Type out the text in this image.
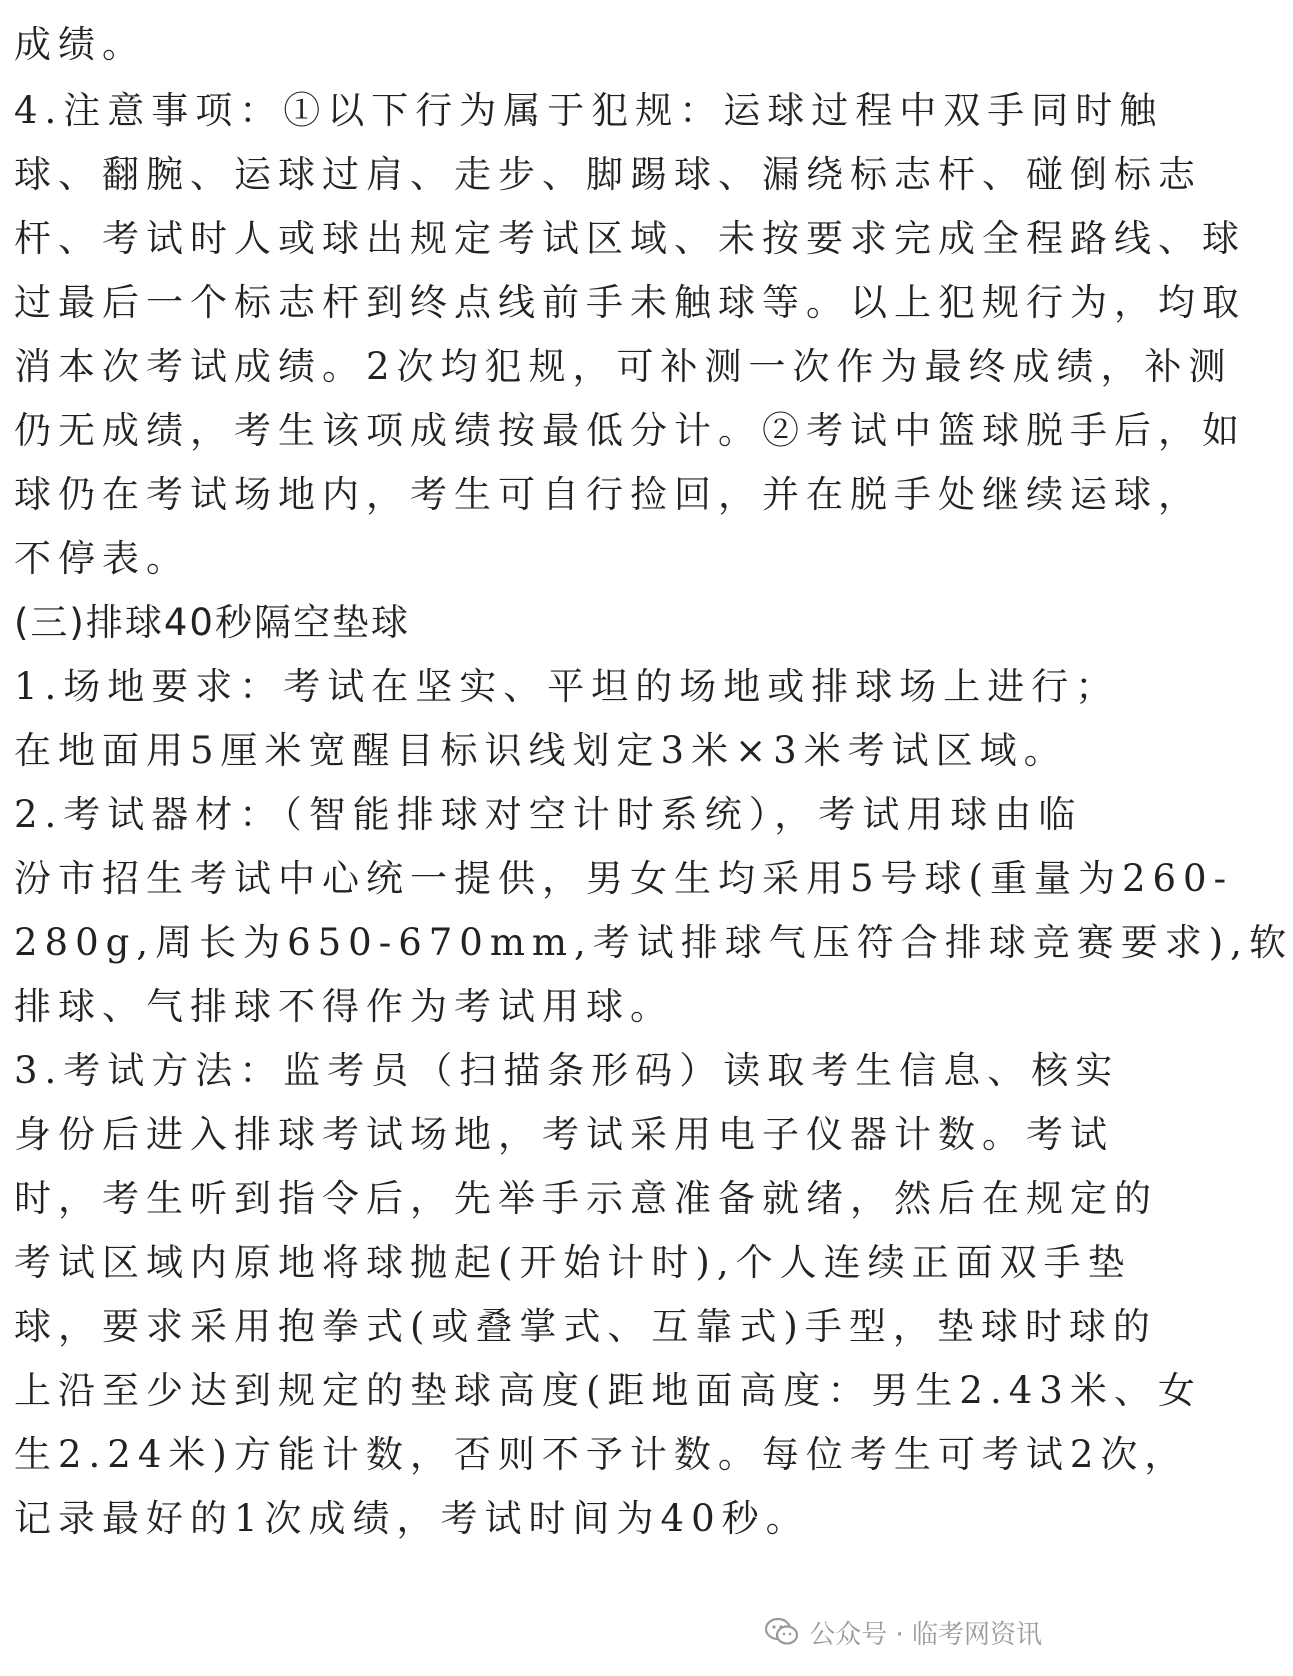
成绩。
4.注意事项：①以下行为属于犯规：运球过程中双手同时触
球、翻腕、运球过肩、走步、脚踢球、漏绕标志杆、碰倒标志
杆、考试时人或球出规定考试区域、未按要求完成全程路线、球
过最后一个标志杆到终点线前手未触球等。以上犯规行为，均取
消本次考试成绩。2次均犯规，可补测一次作为最终成绩，补测
仍无成绩，考生该项成绩按最低分计。②考试中篮球脱手后，如
球仍在考试场地内，考生可自行捡回，并在脱手处继续运球，
不停表。
(三)排球40秒隔空垫球
1.场地要求：考试在坚实、平坦的场地或排球场上进行；
在地面用5厘米宽醒目标识线划定3米×3米考试区域。
2.考试器材：（智能排球对空计时系统），考试用球由临
汾市招生考试中心统一提供，男女生均采用5号球(重量为260-
280g,周长为650-670mm,考试排球气压符合排球竞赛要求),软
排球、气排球不得作为考试用球。
3.考试方法：监考员（扫描条形码）读取考生信息、核实
身份后进入排球考试场地，考试采用电子仪器计数。考试
时，考生听到指令后，先举手示意准备就绪，然后在规定的
考试区域内原地将球抛起(开始计时),个人连续正面双手垫
球，要求采用抱拳式(或叠掌式、互靠式)手型，垫球时球的
上沿至少达到规定的垫球高度(距地面高度：男生2.43米、女
生2.24米)方能计数，否则不予计数。每位考生可考试2次，
记录最好的1次成绩，考试时间为40秒。
公众号 · 临考网资讯
